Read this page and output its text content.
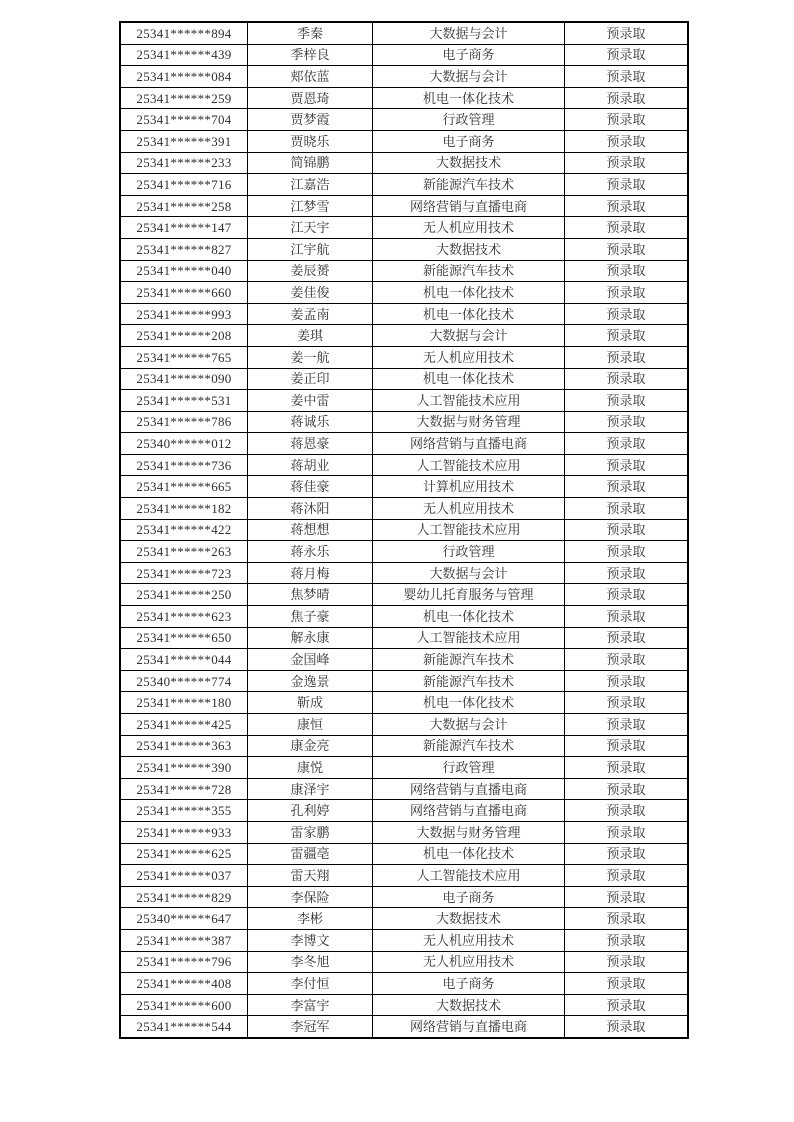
25341******894	季秦	大数据与会计	预录取
25341******439	季梓良	电子商务	预录取
25341******084	郏依蓝	大数据与会计	预录取
25341******259	贾恩琦	机电一体化技术	预录取
25341******704	贾梦霞	行政管理	预录取
25341******391	贾晓乐	电子商务	预录取
25341******233	简锦鹏	大数据技术	预录取
25341******716	江嘉浩	新能源汽车技术	预录取
25341******258	江梦雪	网络营销与直播电商	预录取
25341******147	江天宇	无人机应用技术	预录取
25341******827	江宇航	大数据技术	预录取
25341******040	姜辰赟	新能源汽车技术	预录取
25341******660	姜佳俊	机电一体化技术	预录取
25341******993	姜孟南	机电一体化技术	预录取
25341******208	姜琪	大数据与会计	预录取
25341******765	姜一航	无人机应用技术	预录取
25341******090	姜正印	机电一体化技术	预录取
25341******531	姜中雷	人工智能技术应用	预录取
25341******786	蒋诚乐	大数据与财务管理	预录取
25340******012	蒋恩豪	网络营销与直播电商	预录取
25341******736	蒋胡业	人工智能技术应用	预录取
25341******665	蒋佳豪	计算机应用技术	预录取
25341******182	蒋沐阳	无人机应用技术	预录取
25341******422	蒋想想	人工智能技术应用	预录取
25341******263	蒋永乐	行政管理	预录取
25341******723	蒋月梅	大数据与会计	预录取
25341******250	焦梦晴	婴幼儿托育服务与管理	预录取
25341******623	焦子豪	机电一体化技术	预录取
25341******650	解永康	人工智能技术应用	预录取
25341******044	金国峰	新能源汽车技术	预录取
25340******774	金逸景	新能源汽车技术	预录取
25341******180	靳成	机电一体化技术	预录取
25341******425	康恒	大数据与会计	预录取
25341******363	康金亮	新能源汽车技术	预录取
25341******390	康悦	行政管理	预录取
25341******728	康泽宇	网络营销与直播电商	预录取
25341******355	孔利婷	网络营销与直播电商	预录取
25341******933	雷家鹏	大数据与财务管理	预录取
25341******625	雷疆亳	机电一体化技术	预录取
25341******037	雷天翔	人工智能技术应用	预录取
25341******829	李保险	电子商务	预录取
25340******647	李彬	大数据技术	预录取
25341******387	李博文	无人机应用技术	预录取
25341******796	李冬旭	无人机应用技术	预录取
25341******408	李付恒	电子商务	预录取
25341******600	李富宇	大数据技术	预录取
25341******544	李冠军	网络营销与直播电商	预录取
